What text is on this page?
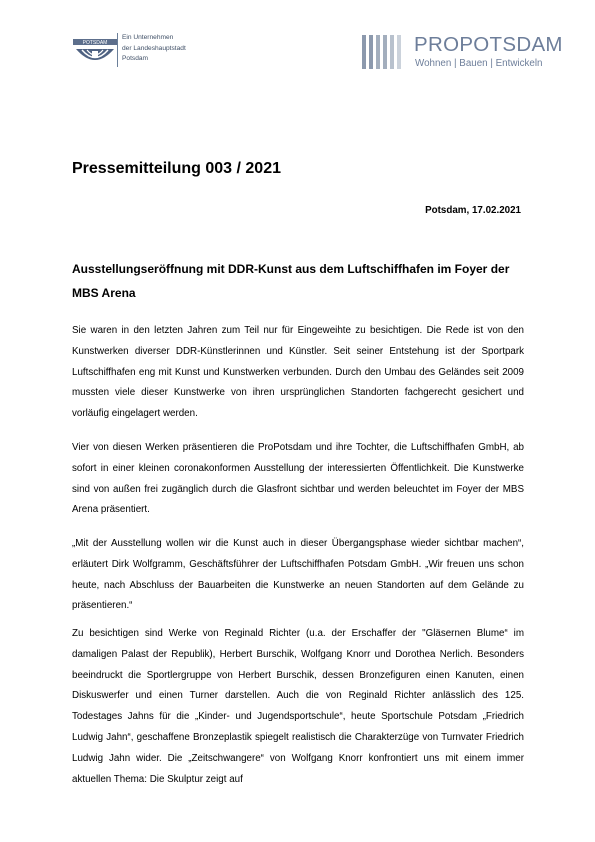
POTSDAM
Ein Unternehmen
der Landeshauptstadt
Potsdam
PROPOTSDAM
Wohnen | Bauen | Entwickeln
Pressemitteilung 003 / 2021
Potsdam, 17.02.2021
Ausstellungseröffnung mit DDR-Kunst aus dem Luftschiffhafen im Foyer der MBS Arena
Sie waren in den letzten Jahren zum Teil nur für Eingeweihte zu besichtigen. Die Rede ist von den Kunstwerken diverser DDR-Künstlerinnen und Künstler. Seit seiner Entstehung ist der Sportpark Luftschiffhafen eng mit Kunst und Kunstwerken verbunden. Durch den Umbau des Geländes seit 2009 mussten viele dieser Kunstwerke von ihren ursprünglichen Standorten fachgerecht gesichert und vorläufig eingelagert werden.
Vier von diesen Werken präsentieren die ProPotsdam und ihre Tochter, die Luftschiffhafen GmbH, ab sofort in einer kleinen coronakonformen Ausstellung der interessierten Öffentlichkeit. Die Kunstwerke sind von außen frei zugänglich durch die Glasfront sichtbar und werden beleuchtet im Foyer der MBS Arena präsentiert.
„Mit der Ausstellung wollen wir die Kunst auch in dieser Übergangsphase wieder sichtbar machen“, erläutert Dirk Wolfgramm, Geschäftsführer der Luftschiffhafen Potsdam GmbH. „Wir freuen uns schon heute, nach Abschluss der Bauarbeiten die Kunstwerke an neuen Standorten auf dem Gelände zu präsentieren.“
Zu besichtigen sind Werke von Reginald Richter (u.a. der Erschaffer der "Gläsernen Blume“ im damaligen Palast der Republik), Herbert Burschik, Wolfgang Knorr und Dorothea Nerlich. Besonders beeindruckt die Sportlergruppe von Herbert Burschik, dessen Bronzefiguren einen Kanuten, einen Diskuswerfer und einen Turner darstellen. Auch die von Reginald Richter anlässlich des 125. Todestages Jahns für die „Kinder- und Jugendsportschule“, heute Sportschule Potsdam „Friedrich Ludwig Jahn“, geschaffene Bronzeplastik spiegelt realistisch die Charakterzüge von Turnvater Friedrich Ludwig Jahn wider. Die „Zeitschwangere“ von Wolfgang Knorr konfrontiert uns mit einem immer aktuellen Thema: Die Skulptur zeigt auf
